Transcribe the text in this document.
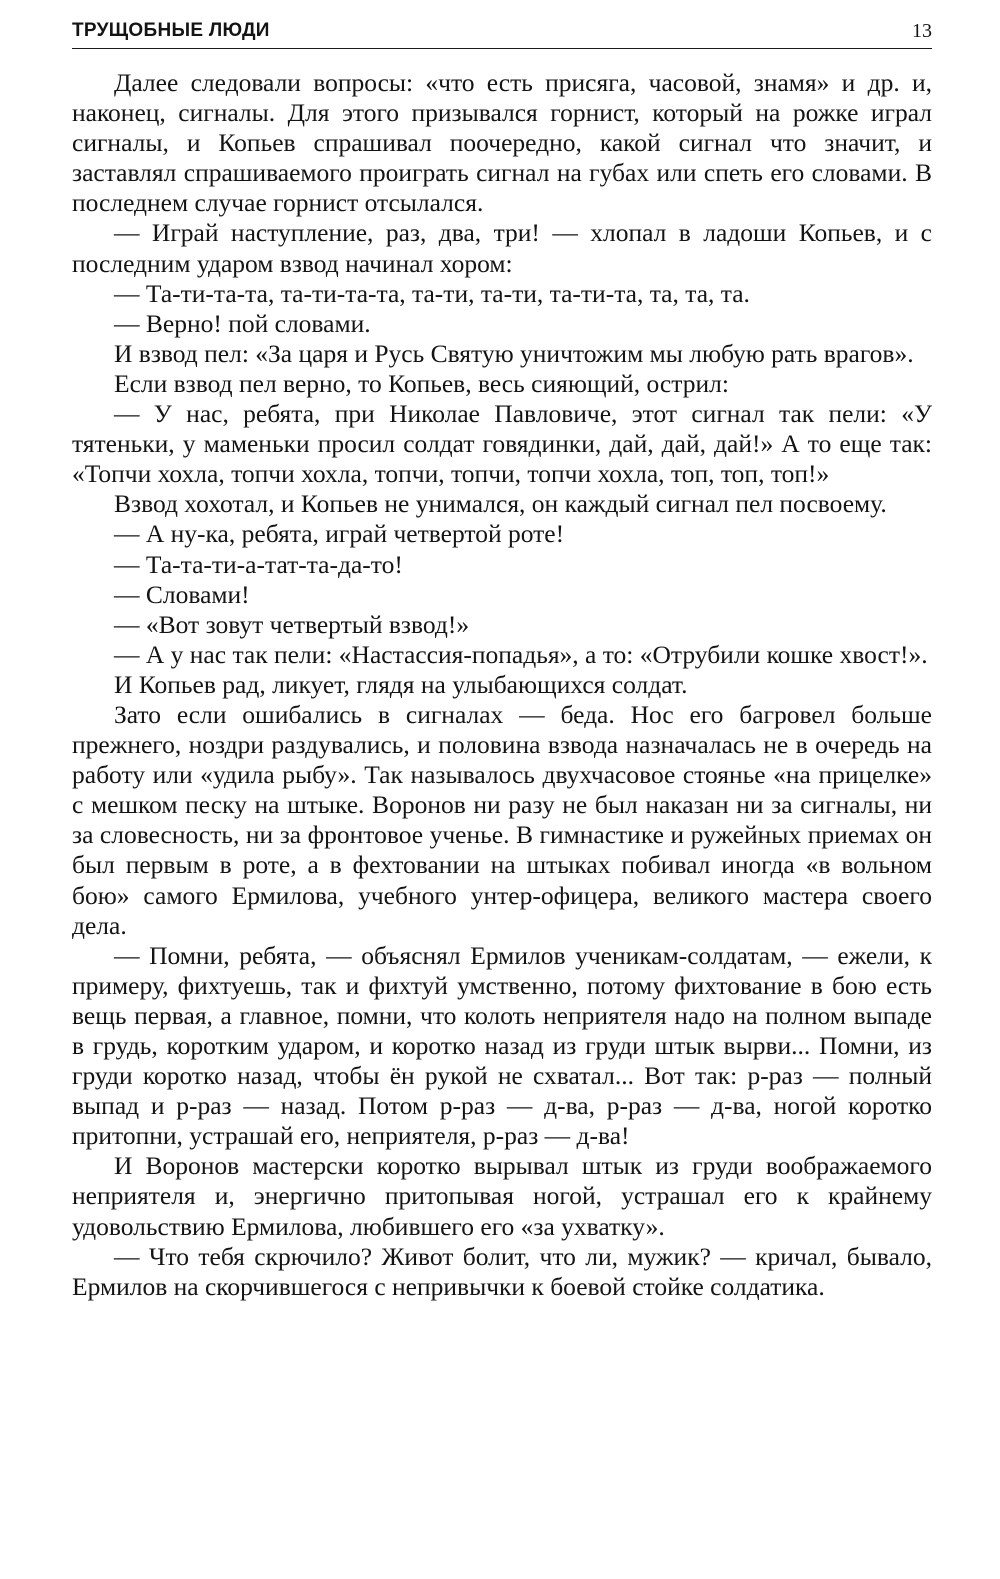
ТРУЩОБНЫЕ ЛЮДИ	13

Далее следовали вопросы: «что есть присяга, часовой, знамя» и др. и, наконец, сигналы. Для этого призывался горнист, который на рожке играл сигналы, и Копьев спрашивал поочередно, какой сигнал что значит, и заставлял спрашиваемого проиграть сигнал на губах или спеть его словами. В последнем случае горнист отсылался.

— Играй наступление, раз, два, три! — хлопал в ладоши Копьев, и с последним ударом взвод начинал хором:

— Та-ти-та-та, та-ти-та-та, та-ти, та-ти, та-ти-та, та, та, та.

— Верно! пой словами.

И взвод пел: «За царя и Русь Святую уничтожим мы любую рать врагов».

Если взвод пел верно, то Копьев, весь сияющий, острил:

— У нас, ребята, при Николае Павловиче, этот сигнал так пели: «У тятеньки, у маменьки просил солдат говядинки, дай, дай, дай!» А то еще так: «Топчи хохла, топчи хохла, топчи, топчи, топчи хохла, топ, топ, топ!»

Взвод хохотал, и Копьев не унимался, он каждый сигнал пел посвоему.

— А ну-ка, ребята, играй четвертой роте!

— Та-та-ти-а-тат-та-да-то!

— Словами!

— «Вот зовут четвертый взвод!»

— А у нас так пели: «Настассия-попадья», а то: «Отрубили кошке хвост!».

И Копьев рад, ликует, глядя на улыбающихся солдат.

Зато если ошибались в сигналах — беда. Нос его багровел больше прежнего, ноздри раздувались, и половина взвода назначалась не в очередь на работу или «удила рыбу». Так называлось двухчасовое стоянье «на прицелке» с мешком песку на штыке. Воронов ни разу не был наказан ни за сигналы, ни за словесность, ни за фронтовое ученье. В гимнастике и ружейных приемах он был первым в роте, а в фехтовании на штыках побивал иногда «в вольном бою» самого Ермилова, учебного унтер-офицера, великого мастера своего дела.

— Помни, ребята, — объяснял Ермилов ученикам-солдатам, — ежели, к примеру, фихтуешь, так и фихтуй умственно, потому фихтование в бою есть вещь первая, а главное, помни, что колоть неприятеля надо на полном выпаде в грудь, коротким ударом, и коротко назад из груди штык вырви... Помни, из груди коротко назад, чтобы ён рукой не схватал... Вот так: р-раз — полный выпад и р-раз — назад. Потом р-раз — д-ва, р-раз — д-ва, ногой коротко притопни, устрашай его, неприятеля, р-раз — д-ва!

И Воронов мастерски коротко вырывал штык из груди воображаемого неприятеля и, энергично притопывая ногой, устрашал его к крайнему удовольствию Ермилова, любившего его «за ухватку».

— Что тебя скрючило? Живот болит, что ли, мужик? — кричал, бывало, Ермилов на скорчившегося с непривычки к боевой стойке солдатика.
